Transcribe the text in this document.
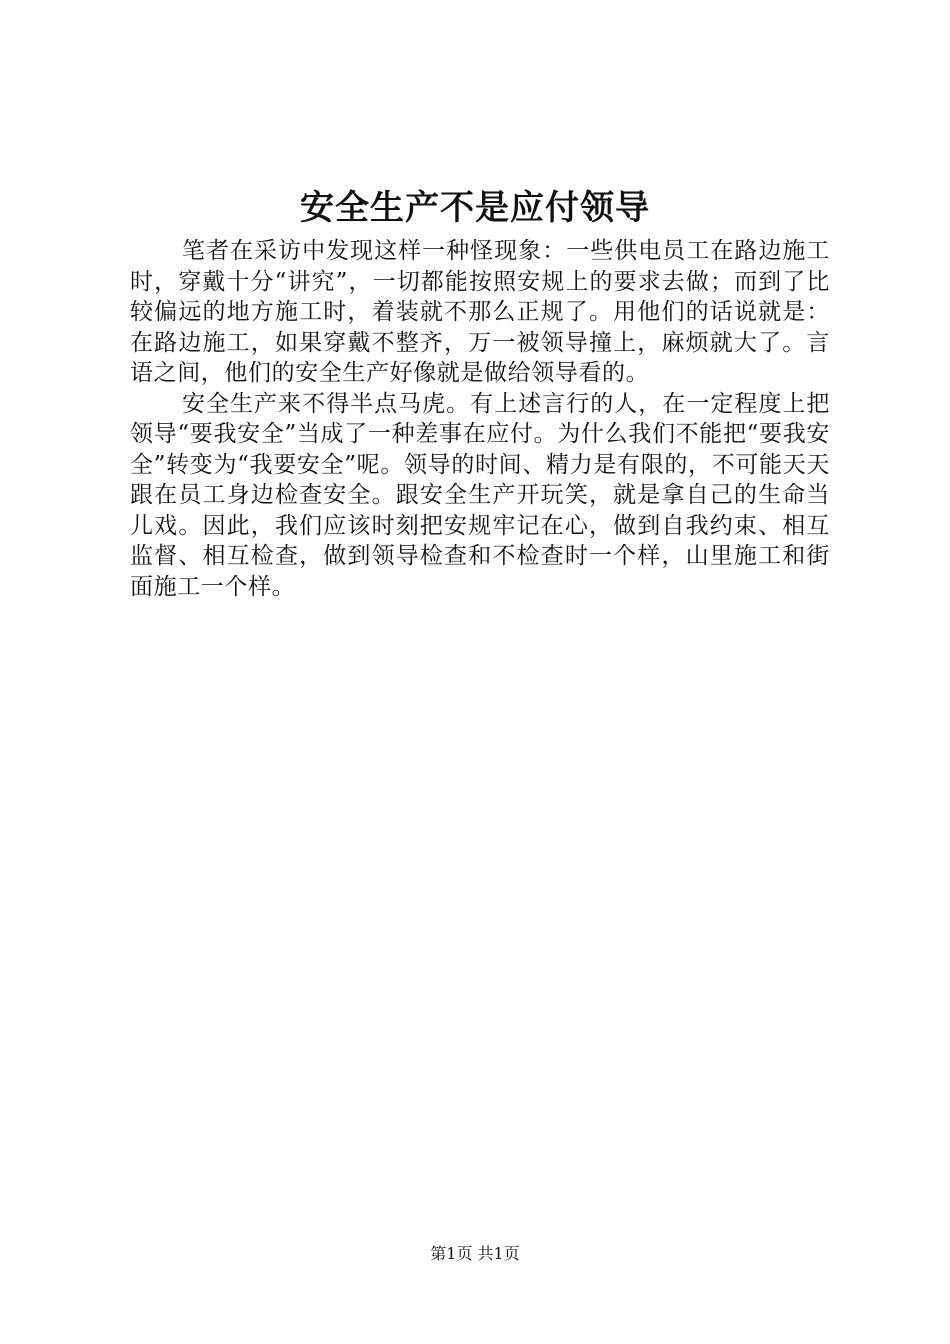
安全生产不是应付领导

笔者在采访中发现这样一种怪现象：一些供电员工在路边施工时，穿戴十分“讲究”，一切都能按照安规上的要求去做；而到了比较偏远的地方施工时，着装就不那么正规了。用他们的话说就是：在路边施工，如果穿戴不整齐，万一被领导撞上，麻烦就大了。言语之间，他们的安全生产好像就是做给领导看的。

安全生产来不得半点马虎。有上述言行的人，在一定程度上把领导“要我安全”当成了一种差事在应付。为什么我们不能把“要我安全”转变为“我要安全”呢。领导的时间、精力是有限的，不可能天天跟在员工身边检查安全。跟安全生产开玩笑，就是拿自己的生命当儿戏。因此，我们应该时刻把安规牢记在心，做到自我约束、相互监督、相互检查，做到领导检查和不检查时一个样，山里施工和街面施工一个样。

第1页 共1页
